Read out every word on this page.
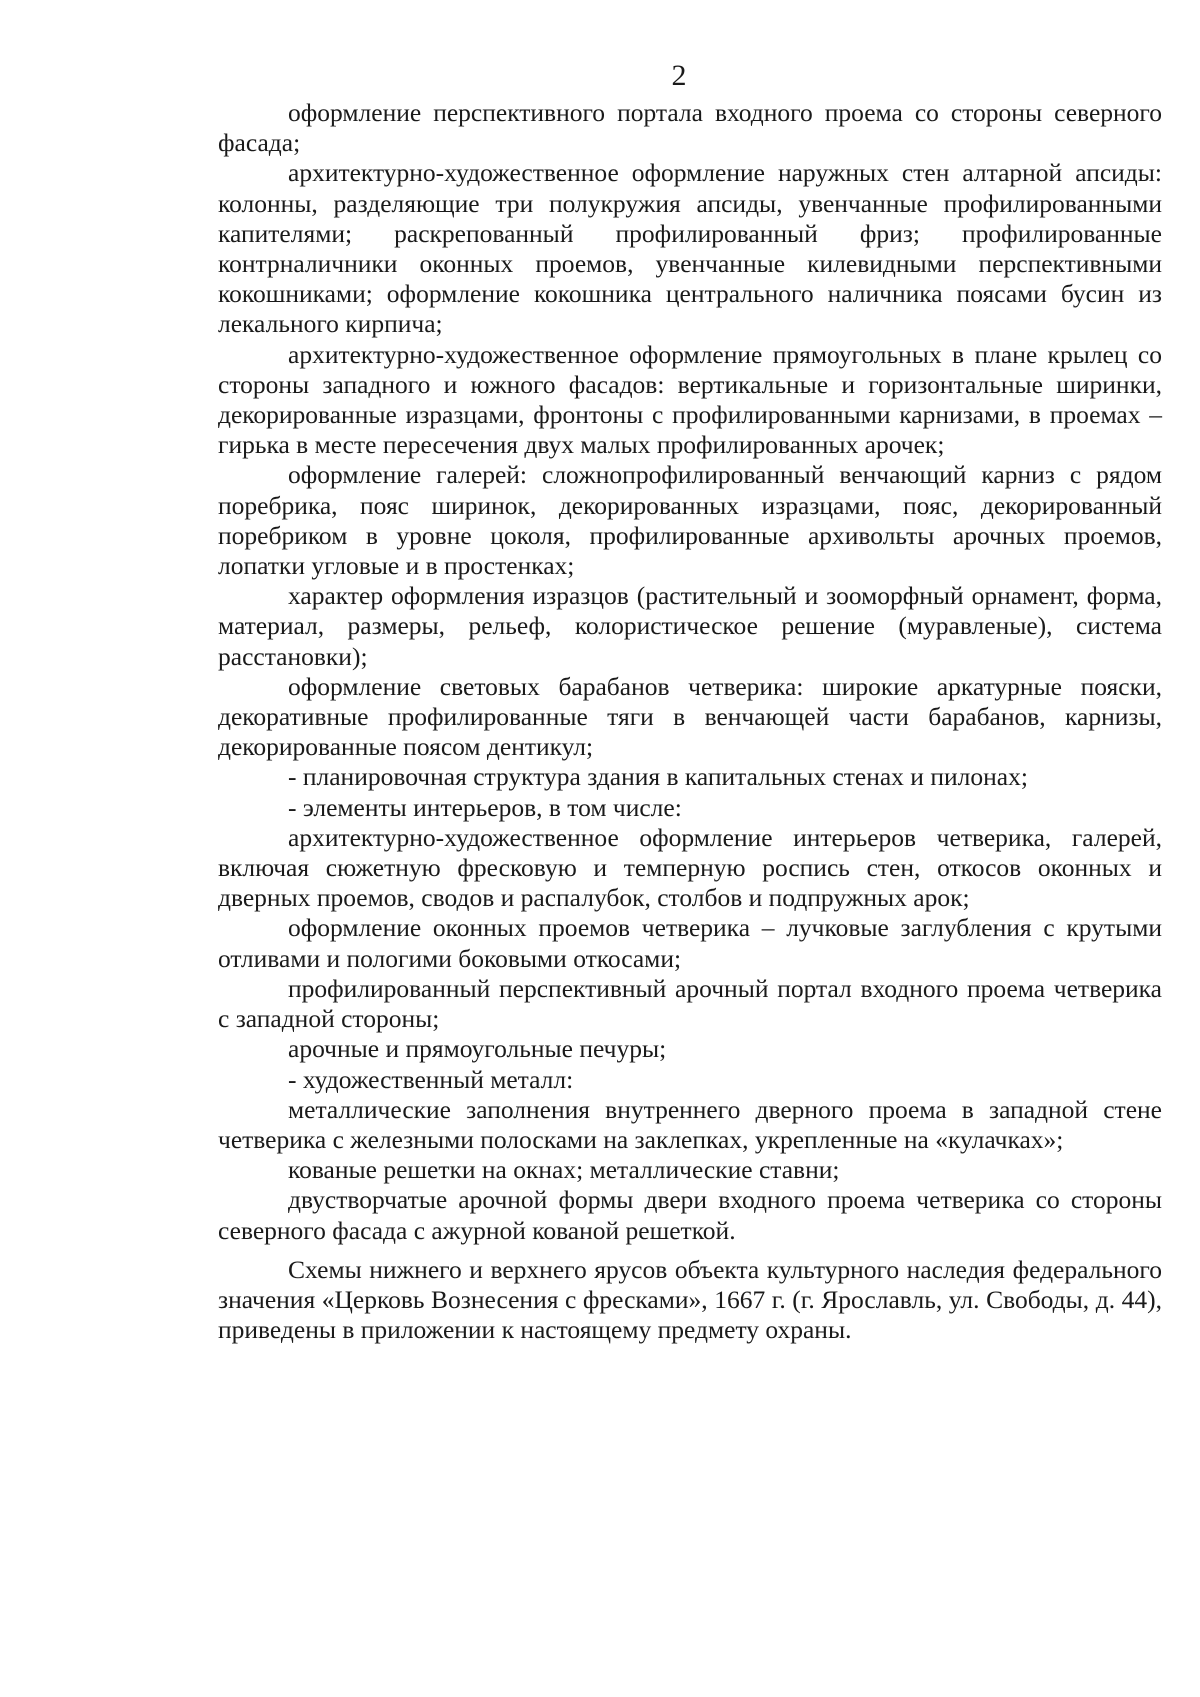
2

оформление перспективного портала входного проема со стороны северного фасада;

архитектурно-художественное оформление наружных стен алтарной апсиды: колонны, разделяющие три полукружия апсиды, увенчанные профилированными капителями; раскрепованный профилированный фриз; профилированные контрналичники оконных проемов, увенчанные килевидными перспективными кокошниками; оформление кокошника центрального наличника поясами бусин из лекального кирпича;

архитектурно-художественное оформление прямоугольных в плане крылец со стороны западного и южного фасадов: вертикальные и горизонтальные ширинки, декорированные изразцами, фронтоны с профилированными карнизами, в проемах – гирька в месте пересечения двух малых профилированных арочек;

оформление галерей: сложнопрофилированный венчающий карниз с рядом поребрика, пояс ширинок, декорированных изразцами, пояс, декорированный поребриком в уровне цоколя, профилированные архивольты арочных проемов, лопатки угловые и в простенках;

характер оформления изразцов (растительный и зооморфный орнамент, форма, материал, размеры, рельеф, колористическое решение (муравленые), система расстановки);

оформление световых барабанов четверика: широкие аркатурные пояски, декоративные профилированные тяги в венчающей части барабанов, карнизы, декорированные поясом дентикул;

- планировочная структура здания в капитальных стенах и пилонах;

- элементы интерьеров, в том числе:

архитектурно-художественное оформление интерьеров четверика, галерей, включая сюжетную фресковую и темперную роспись стен, откосов оконных и дверных проемов, сводов и распалубок, столбов и подпружных арок;

оформление оконных проемов четверика – лучковые заглубления с крутыми отливами и пологими боковыми откосами;

профилированный перспективный арочный портал входного проема четверика с западной стороны;

арочные и прямоугольные печуры;

- художественный металл:

металлические заполнения внутреннего дверного проема в западной стене четверика с железными полосками на заклепках, укрепленные на «кулачках»;

кованые решетки на окнах; металлические ставни;

двустворчатые арочной формы двери входного проема четверика со стороны северного фасада с ажурной кованой решеткой.

Схемы нижнего и верхнего ярусов объекта культурного наследия федерального значения «Церковь Вознесения с фресками», 1667 г. (г. Ярославль, ул. Свободы, д. 44), приведены в приложении к настоящему предмету охраны.
